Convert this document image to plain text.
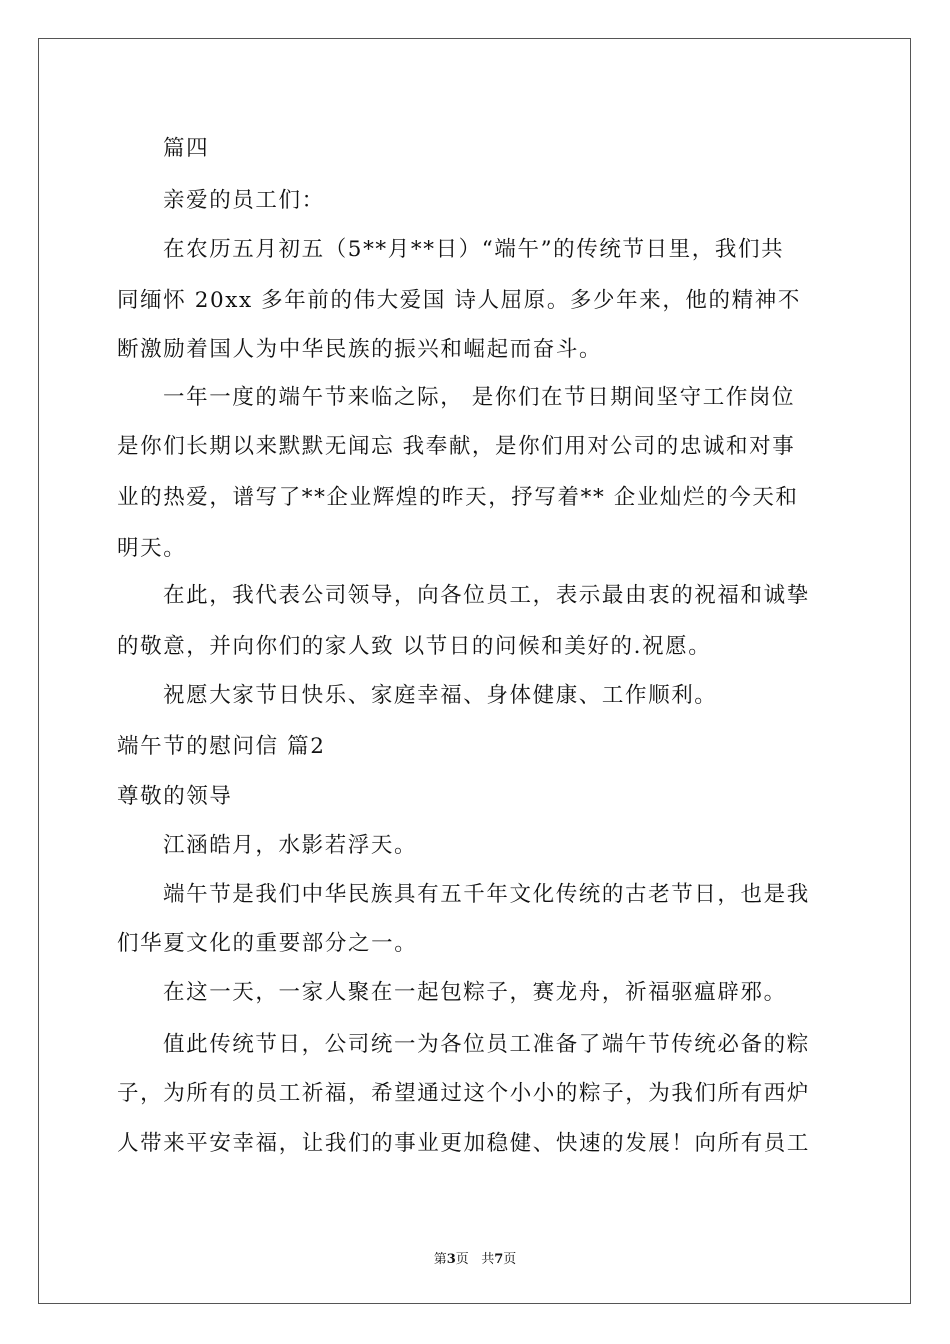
篇四
亲爱的员工们：
在农历五月初五（5**月**日）“端午”的传统节日里，我们共
同缅怀 20xx 多年前的伟大爱国 诗人屈原。多少年来，他的精神不
断激励着国人为中华民族的振兴和崛起而奋斗。
一年一度的端午节来临之际， 是你们在节日期间坚守工作岗位
是你们长期以来默默无闻忘 我奉献，是你们用对公司的忠诚和对事
业的热爱，谱写了**企业辉煌的昨天，抒写着** 企业灿烂的今天和
明天。
在此，我代表公司领导，向各位员工，表示最由衷的祝福和诚挚
的敬意，并向你们的家人致 以节日的问候和美好的.祝愿。
祝愿大家节日快乐、家庭幸福、身体健康、工作顺利。
端午节的慰问信 篇2
尊敬的领导
江涵皓月，水影若浮天。
端午节是我们中华民族具有五千年文化传统的古老节日，也是我
们华夏文化的重要部分之一。
在这一天，一家人聚在一起包粽子，赛龙舟，祈福驱瘟辟邪。
值此传统节日，公司统一为各位员工准备了端午节传统必备的粽
子，为所有的员工祈福，希望通过这个小小的粽子，为我们所有西炉
人带来平安幸福，让我们的事业更加稳健、快速的发展！向所有员工
第3页   共7页
